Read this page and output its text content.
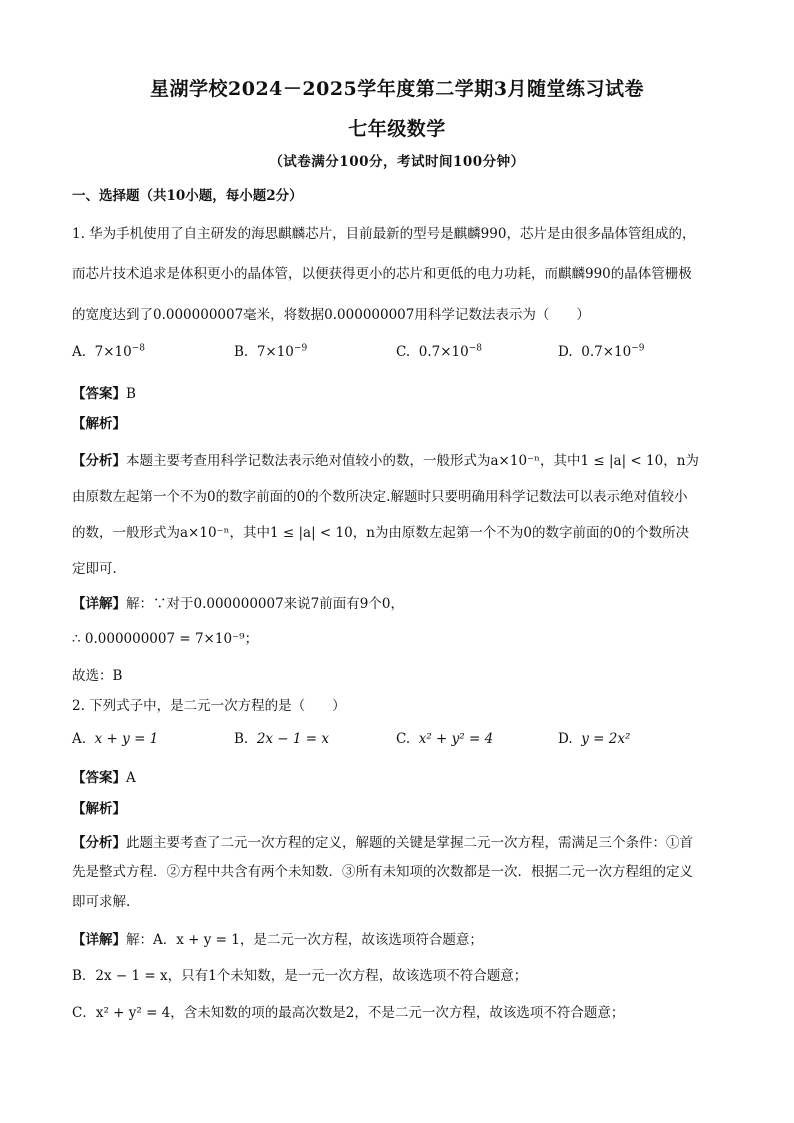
星湖学校2024－2025学年度第二学期3月随堂练习试卷
七年级数学
（试卷满分100分，考试时间100分钟）
一、选择题（共10小题，每小题2分）
1. 华为手机使用了自主研发的海思麒麟芯片，目前最新的型号是麒麟990，芯片是由很多晶体管组成的，
而芯片技术追求是体积更小的晶体管，以便获得更小的芯片和更低的电力功耗，而麒麟990的晶体管栅极
的宽度达到了0.000000007毫米，将数据0.000000007用科学记数法表示为（　　）
A. $7\times 10^{-8}$	B. $7\times 10^{-9}$	C. $0.7\times 10^{-8}$	D. $0.7\times 10^{-9}$
【答案】B
【解析】
【分析】本题主要考查用科学记数法表示绝对值较小的数，一般形式为a×10⁻ⁿ，其中1 ≤ |a| < 10，n为
由原数左起第一个不为0的数字前面的0的个数所决定.解题时只要明确用科学记数法可以表示绝对值较小
的数，一般形式为a×10⁻ⁿ，其中1 ≤ |a| < 10，n为由原数左起第一个不为0的数字前面的0的个数所决
定即可.
【详解】解：∵对于0.000000007来说7前面有9个0，
∴ 0.000000007 = 7×10⁻⁹；
故选：B
2. 下列式子中，是二元一次方程的是（　　）
A. x + y = 1	B. 2x − 1 = x	C. x² + y² = 4	D. y = 2x²
【答案】A
【解析】
【分析】此题主要考查了二元一次方程的定义，解题的关键是掌握二元一次方程，需满足三个条件：①首
先是整式方程．②方程中共含有两个未知数．③所有未知项的次数都是一次．根据二元一次方程组的定义
即可求解.
【详解】解：A．x + y = 1，是二元一次方程，故该选项符合题意；
B．2x − 1 = x，只有1个未知数，是一元一次方程，故该选项不符合题意；
C．x² + y² = 4，含未知数的项的最高次数是2，不是二元一次方程，故该选项不符合题意；
